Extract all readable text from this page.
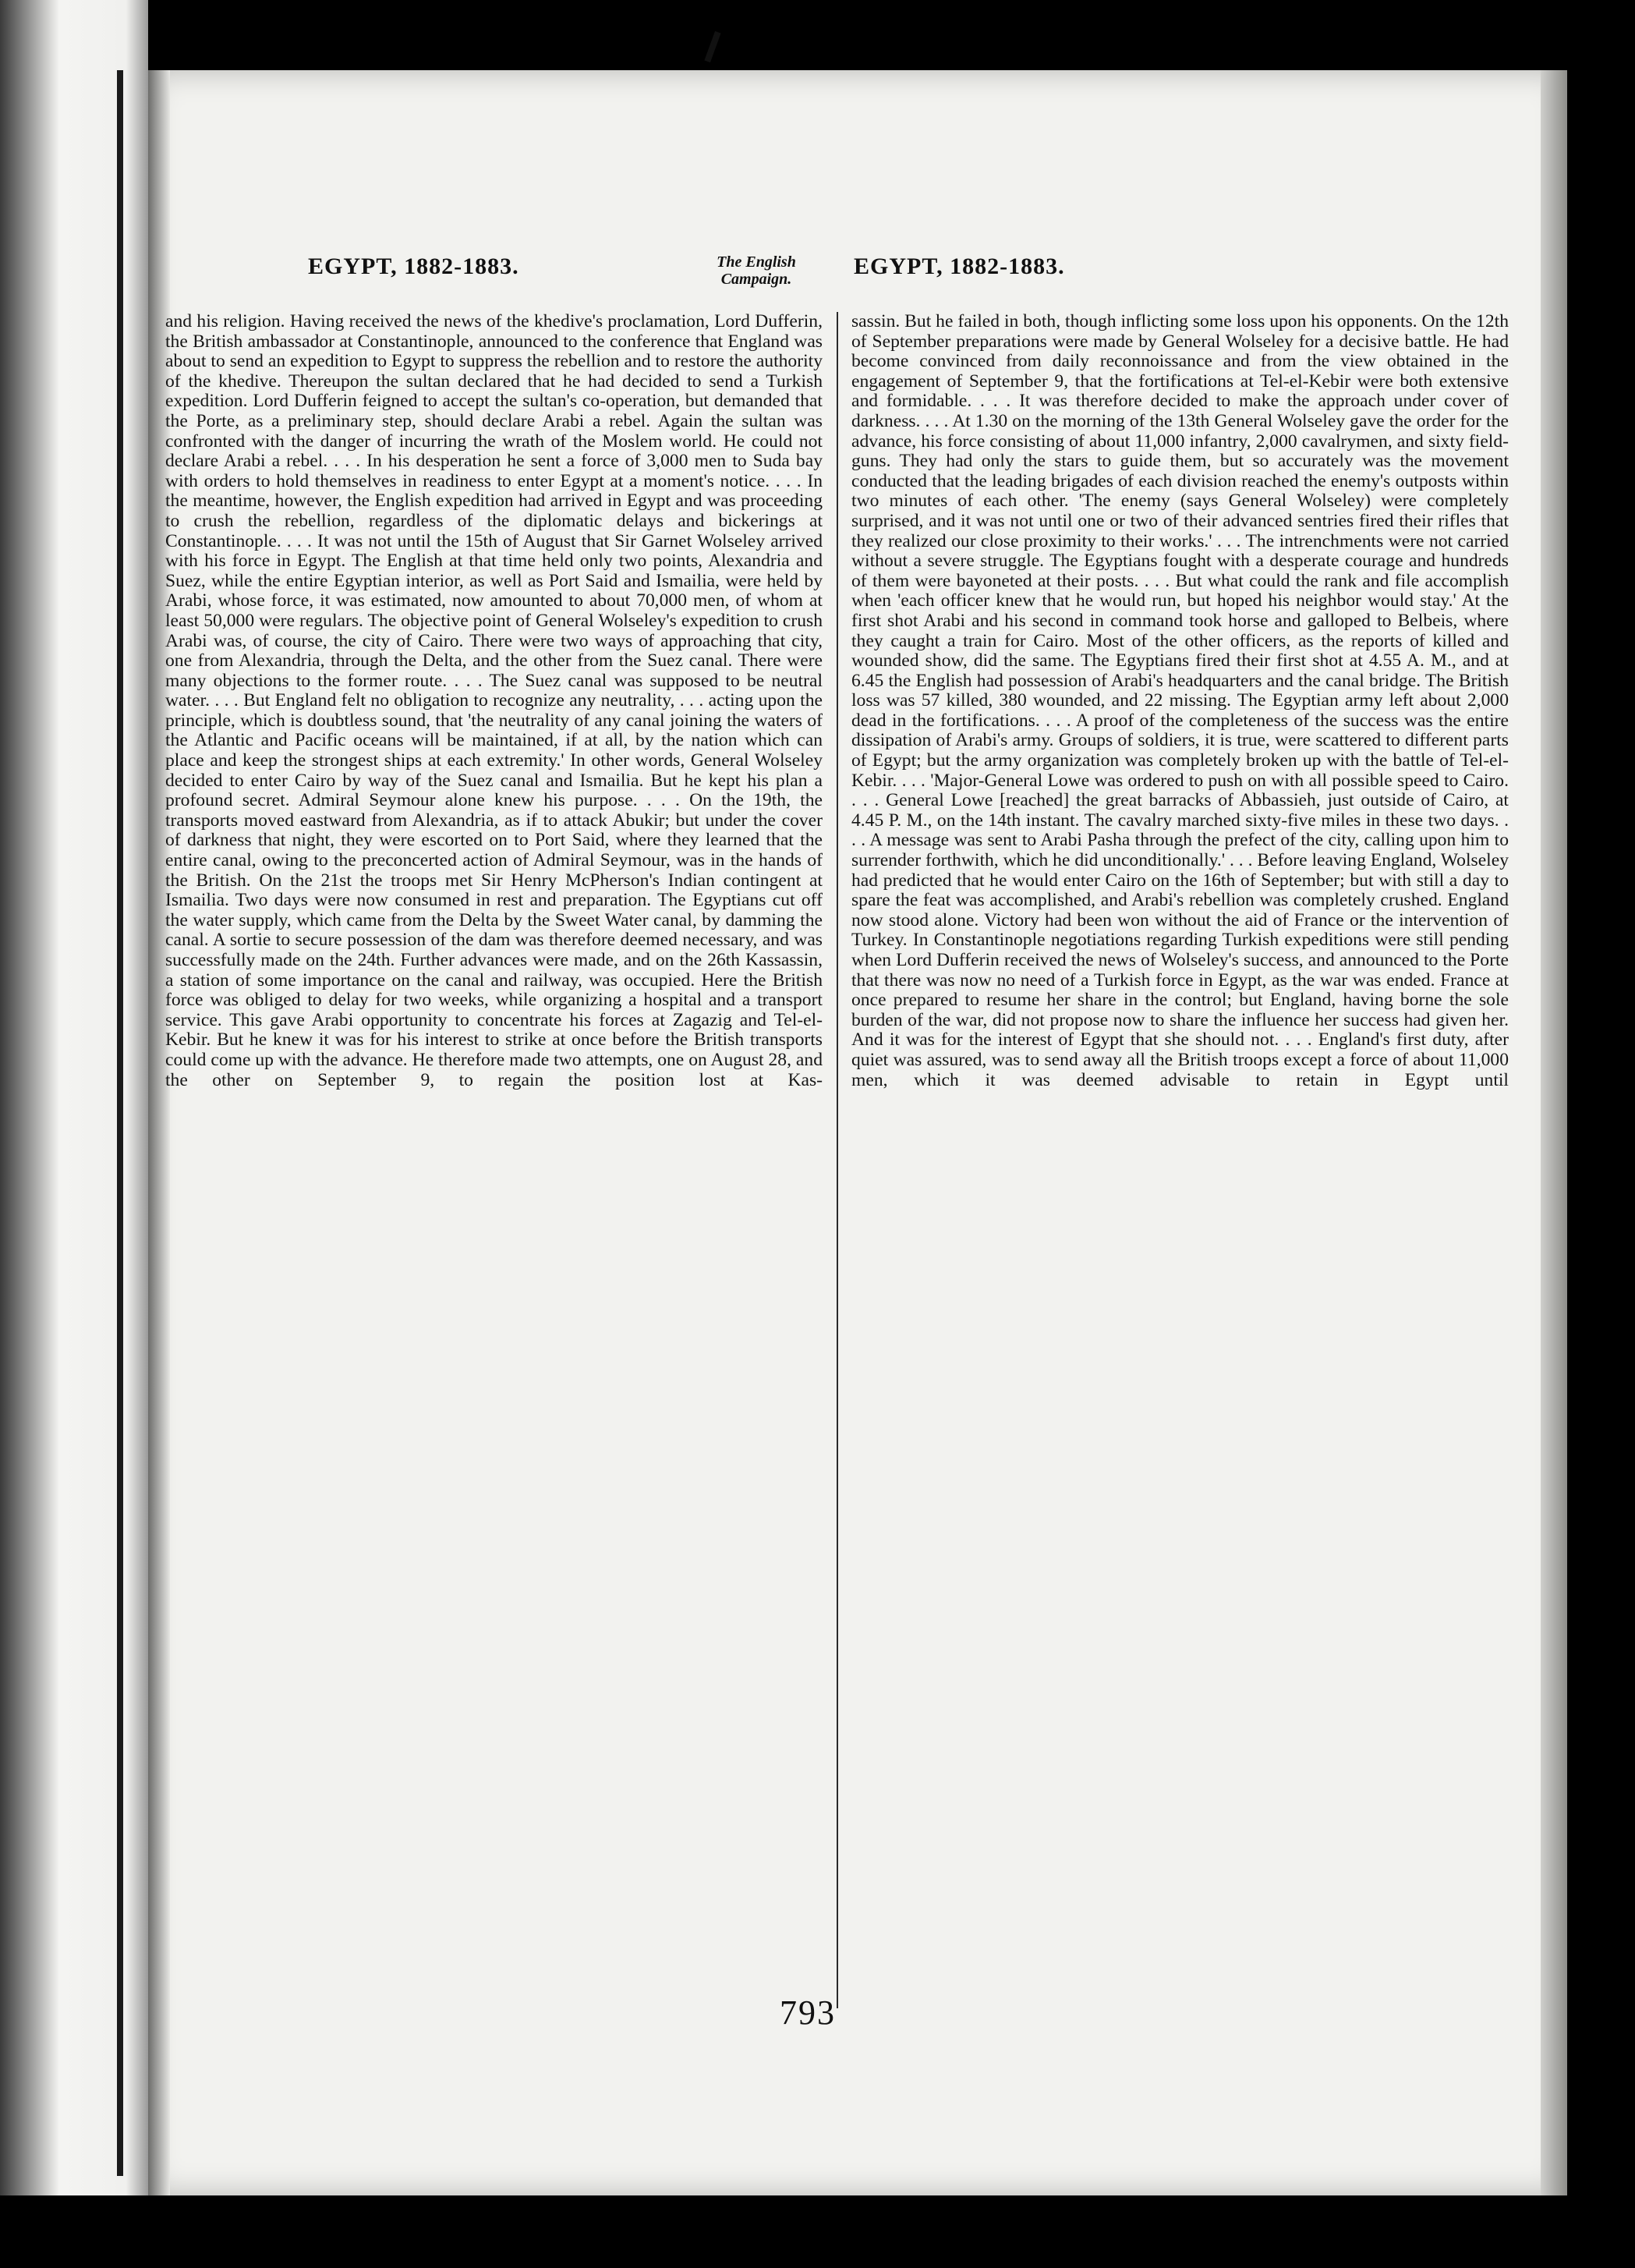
EGYPT, 1882-1883.	The English
Campaign.	EGYPT, 1882-1883.

and his religion. Having received the news of the khedive's proclamation, Lord Dufferin, the British ambassador at Constantinople, announced to the conference that England was about to send an expedition to Egypt to suppress the rebellion and to restore the authority of the khedive. Thereupon the sultan declared that he had decided to send a Turkish expedition. Lord Dufferin feigned to accept the sultan's co-operation, but demanded that the Porte, as a preliminary step, should declare Arabi a rebel. Again the sultan was confronted with the danger of incurring the wrath of the Moslem world. He could not declare Arabi a rebel. . . . In his desperation he sent a force of 3,000 men to Suda bay with orders to hold themselves in readiness to enter Egypt at a moment's notice. . . . In the meantime, however, the English expedition had arrived in Egypt and was proceeding to crush the rebellion, regardless of the diplomatic delays and bickerings at Constantinople. . . . It was not until the 15th of August that Sir Garnet Wolseley arrived with his force in Egypt. The English at that time held only two points, Alexandria and Suez, while the entire Egyptian interior, as well as Port Said and Ismailia, were held by Arabi, whose force, it was estimated, now amounted to about 70,000 men, of whom at least 50,000 were regulars. The objective point of General Wolseley's expedition to crush Arabi was, of course, the city of Cairo. There were two ways of approaching that city, one from Alexandria, through the Delta, and the other from the Suez canal. There were many objections to the former route. . . . The Suez canal was supposed to be neutral water. . . . But England felt no obligation to recognize any neutrality, . . . acting upon the principle, which is doubtless sound, that 'the neutrality of any canal joining the waters of the Atlantic and Pacific oceans will be maintained, if at all, by the nation which can place and keep the strongest ships at each extremity.' In other words, General Wolseley decided to enter Cairo by way of the Suez canal and Ismailia. But he kept his plan a profound secret. Admiral Seymour alone knew his purpose. . . . On the 19th, the transports moved eastward from Alexandria, as if to attack Abukir; but under the cover of darkness that night, they were escorted on to Port Said, where they learned that the entire canal, owing to the preconcerted action of Admiral Seymour, was in the hands of the British. On the 21st the troops met Sir Henry McPherson's Indian contingent at Ismailia. Two days were now consumed in rest and preparation. The Egyptians cut off the water supply, which came from the Delta by the Sweet Water canal, by damming the canal. A sortie to secure possession of the dam was therefore deemed necessary, and was successfully made on the 24th. Further advances were made, and on the 26th Kassassin, a station of some importance on the canal and railway, was occupied. Here the British force was obliged to delay for two weeks, while organizing a hospital and a transport service. This gave Arabi opportunity to concentrate his forces at Zagazig and Tel-el-Kebir. But he knew it was for his interest to strike at once before the British transports could come up with the advance. He therefore made two attempts, one on August 28, and the other on September 9, to regain the position lost at Kas-

sassin. But he failed in both, though inflicting some loss upon his opponents. On the 12th of September preparations were made by General Wolseley for a decisive battle. He had become convinced from daily reconnoissance and from the view obtained in the engagement of September 9, that the fortifications at Tel-el-Kebir were both extensive and formidable. . . . It was therefore decided to make the approach under cover of darkness. . . . At 1.30 on the morning of the 13th General Wolseley gave the order for the advance, his force consisting of about 11,000 infantry, 2,000 cavalrymen, and sixty field-guns. They had only the stars to guide them, but so accurately was the movement conducted that the leading brigades of each division reached the enemy's outposts within two minutes of each other. 'The enemy (says General Wolseley) were completely surprised, and it was not until one or two of their advanced sentries fired their rifles that they realized our close proximity to their works.' . . . The intrenchments were not carried without a severe struggle. The Egyptians fought with a desperate courage and hundreds of them were bayoneted at their posts. . . . But what could the rank and file accomplish when 'each officer knew that he would run, but hoped his neighbor would stay.' At the first shot Arabi and his second in command took horse and galloped to Belbeis, where they caught a train for Cairo. Most of the other officers, as the reports of killed and wounded show, did the same. The Egyptians fired their first shot at 4.55 A. M., and at 6.45 the English had possession of Arabi's headquarters and the canal bridge. The British loss was 57 killed, 380 wounded, and 22 missing. The Egyptian army left about 2,000 dead in the fortifications. . . . A proof of the completeness of the success was the entire dissipation of Arabi's army. Groups of soldiers, it is true, were scattered to different parts of Egypt; but the army organization was completely broken up with the battle of Tel-el-Kebir. . . . 'Major-General Lowe was ordered to push on with all possible speed to Cairo. . . . General Lowe [reached] the great barracks of Abbassieh, just outside of Cairo, at 4.45 P. M., on the 14th instant. The cavalry marched sixty-five miles in these two days. . . . A message was sent to Arabi Pasha through the prefect of the city, calling upon him to surrender forthwith, which he did unconditionally.' . . . Before leaving England, Wolseley had predicted that he would enter Cairo on the 16th of September; but with still a day to spare the feat was accomplished, and Arabi's rebellion was completely crushed. England now stood alone. Victory had been won without the aid of France or the intervention of Turkey. In Constantinople negotiations regarding Turkish expeditions were still pending when Lord Dufferin received the news of Wolseley's success, and announced to the Porte that there was now no need of a Turkish force in Egypt, as the war was ended. France at once prepared to resume her share in the control; but England, having borne the sole burden of the war, did not propose now to share the influence her success had given her. And it was for the interest of Egypt that she should not. . . . England's first duty, after quiet was assured, was to send away all the British troops except a force of about 11,000 men, which it was deemed advisable to retain in Egypt until

793
